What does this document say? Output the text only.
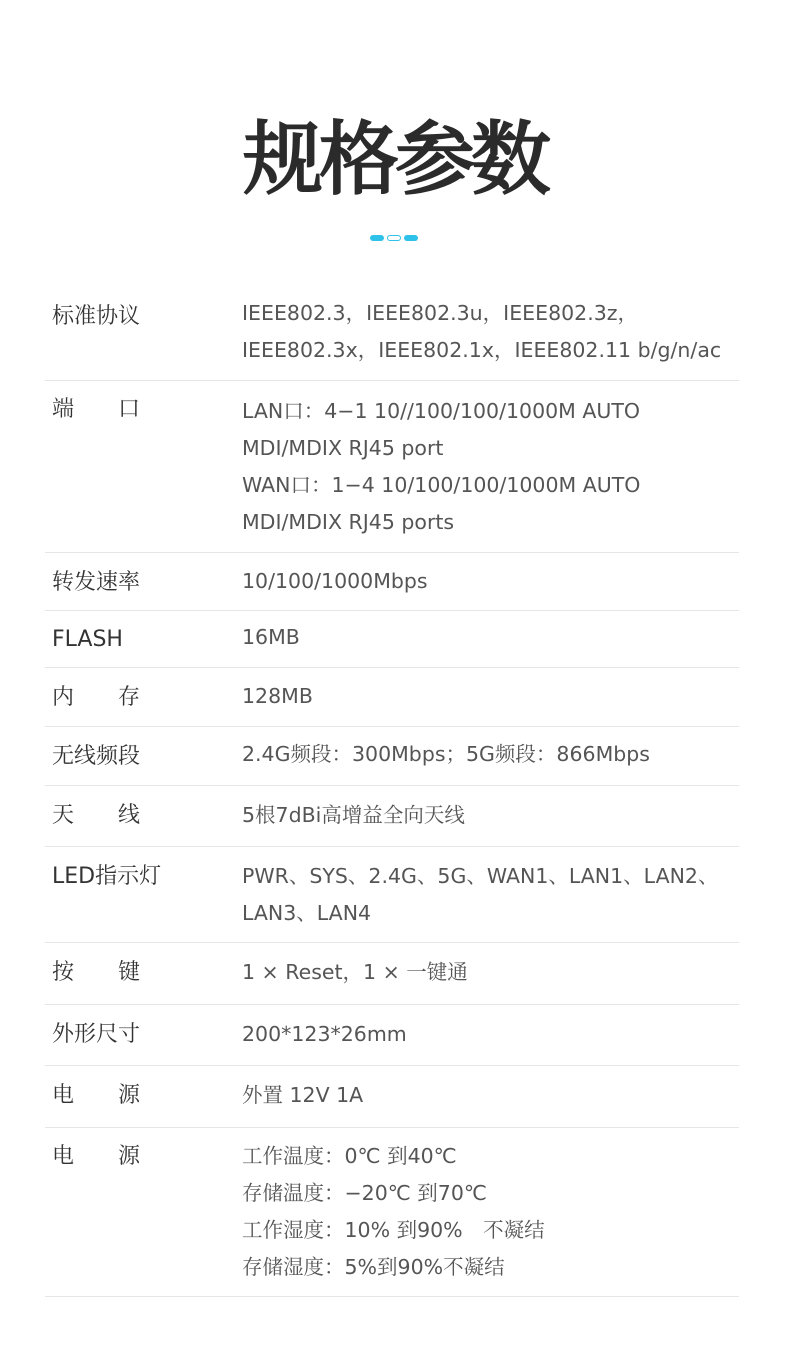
规格参数
标准协议	IEEE802.3，IEEE802.3u，IEEE802.3z，
IEEE802.3x，IEEE802.1x，IEEE802.11 b/g/n/ac
端　　口	LAN口：4−1 10//100/100/1000M AUTO
MDI/MDIX RJ45 port
WAN口：1−4 10/100/100/1000M AUTO
MDI/MDIX RJ45 ports
转发速率	10/100/1000Mbps
FLASH	16MB
内　　存	128MB
无线频段	2.4G频段：300Mbps；5G频段：866Mbps
天　　线	5根7dBi高增益全向天线
LED指示灯	PWR、SYS、2.4G、5G、WAN1、LAN1、LAN2、
LAN3、LAN4
按　　键	1 × Reset，1 × 一键通
外形尺寸	200*123*26mm
电　　源	外置 12V 1A
电　　源	工作温度：0℃ 到40℃
存储温度：−20℃ 到70℃
工作湿度：10% 到90%　不凝结
存储湿度：5%到90%不凝结
